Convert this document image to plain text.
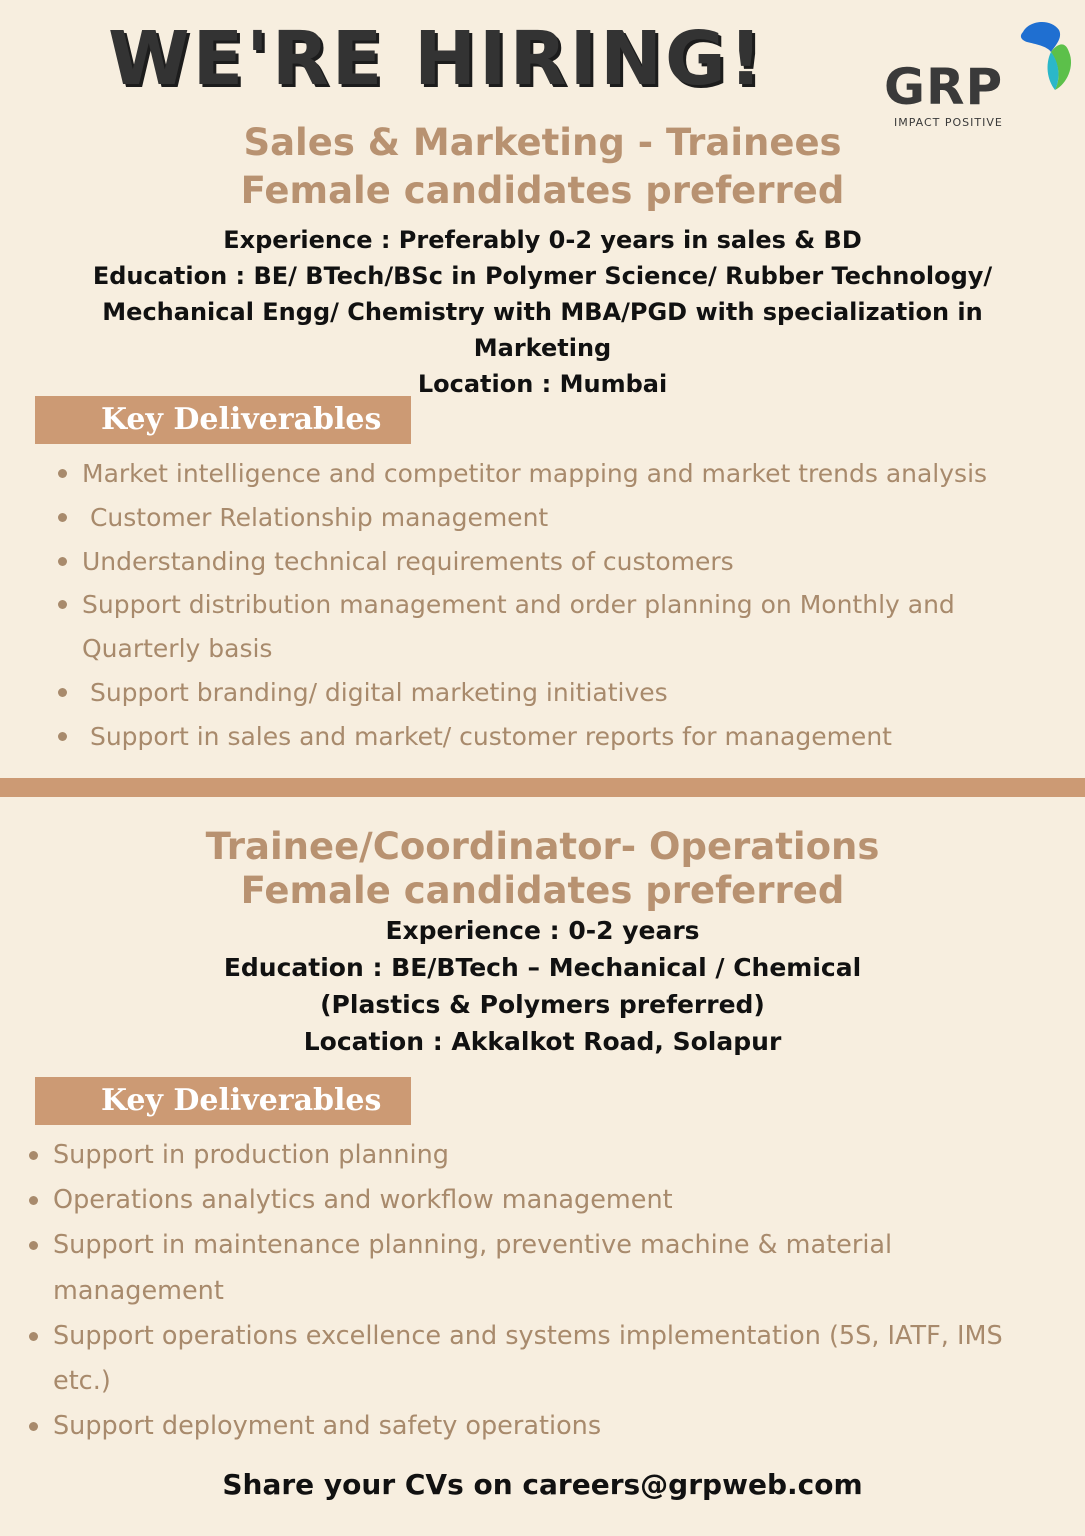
WE'RE HIRING! GRP
IMPACT POSITIVE
Sales & Marketing - Trainees
Female candidates preferred

Experience : Preferably 0-2 years in sales & BD

Education : BE/ BTech/BSc in Polymer Science/ Rubber Technology/

Mechanical Engg/ Chemistry with MBA/PGD with specialization in

Marketing

Location : Mumbai

Key Deliverables
Market intelligence and competitor mapping and market trends analysis
Customer Relationship management
Understanding technical requirements of customers
Support distribution management and order planning on Monthly and Quarterly basis
Support branding/ digital marketing initiatives
Support in sales and market/ customer reports for management
Trainee/Coordinator- Operations
Female candidates preferred

Experience : 0-2 years

Education : BE/BTech – Mechanical / Chemical

(Plastics & Polymers preferred)

Location : Akkalkot Road, Solapur

Key Deliverables
Support in production planning
Operations analytics and workflow management
Support in maintenance planning, preventive machine & material management
Support operations excellence and systems implementation (5S, IATF, IMS etc.)
Support deployment and safety operations
Share your CVs on careers@grpweb.com
